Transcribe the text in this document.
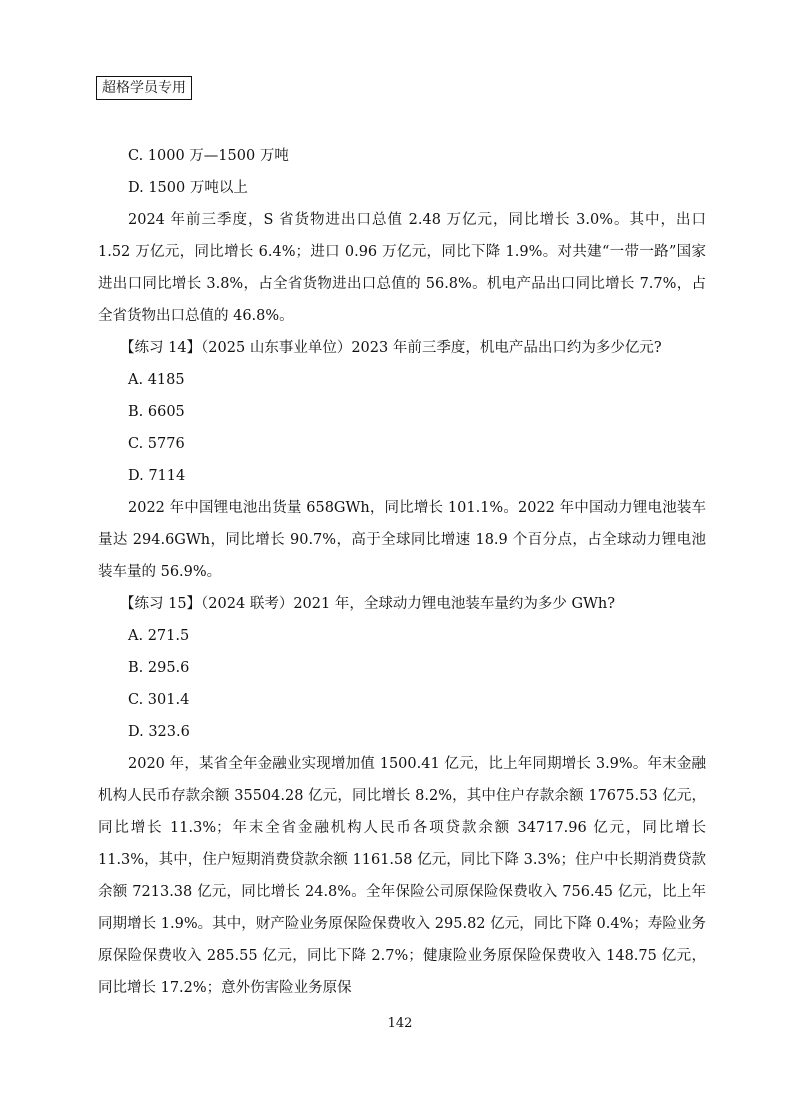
超格学员专用

C. 1000 万—1500 万吨

D. 1500 万吨以上

2024 年前三季度，S 省货物进出口总值 2.48 万亿元，同比增长 3.0%。其中，出口 1.52 万亿元，同比增长 6.4%；进口 0.96 万亿元，同比下降 1.9%。对共建“一带一路”国家进出口同比增长 3.8%，占全省货物进出口总值的 56.8%。机电产品出口同比增长 7.7%，占全省货物出口总值的 46.8%。

【练习 14】（2025 山东事业单位）2023 年前三季度，机电产品出口约为多少亿元?

A. 4185

B. 6605

C. 5776

D. 7114

2022 年中国锂电池出货量 658GWh，同比增长 101.1%。2022 年中国动力锂电池装车量达 294.6GWh，同比增长 90.7%，高于全球同比增速 18.9 个百分点，占全球动力锂电池装车量的 56.9%。

【练习 15】（2024 联考）2021 年，全球动力锂电池装车量约为多少 GWh?

A. 271.5

B. 295.6

C. 301.4

D. 323.6

2020 年，某省全年金融业实现增加值 1500.41 亿元，比上年同期增长 3.9%。年末金融机构人民币存款余额 35504.28 亿元，同比增长 8.2%，其中住户存款余额 17675.53 亿元，同比增长 11.3%；年末全省金融机构人民币各项贷款余额 34717.96 亿元，同比增长 11.3%，其中，住户短期消费贷款余额 1161.58 亿元，同比下降 3.3%；住户中长期消费贷款余额 7213.38 亿元，同比增长 24.8%。全年保险公司原保险保费收入 756.45 亿元，比上年同期增长 1.9%。其中，财产险业务原保险保费收入 295.82 亿元，同比下降 0.4%；寿险业务原保险保费收入 285.55 亿元，同比下降 2.7%；健康险业务原保险保费收入 148.75 亿元，同比增长 17.2%；意外伤害险业务原保

142
